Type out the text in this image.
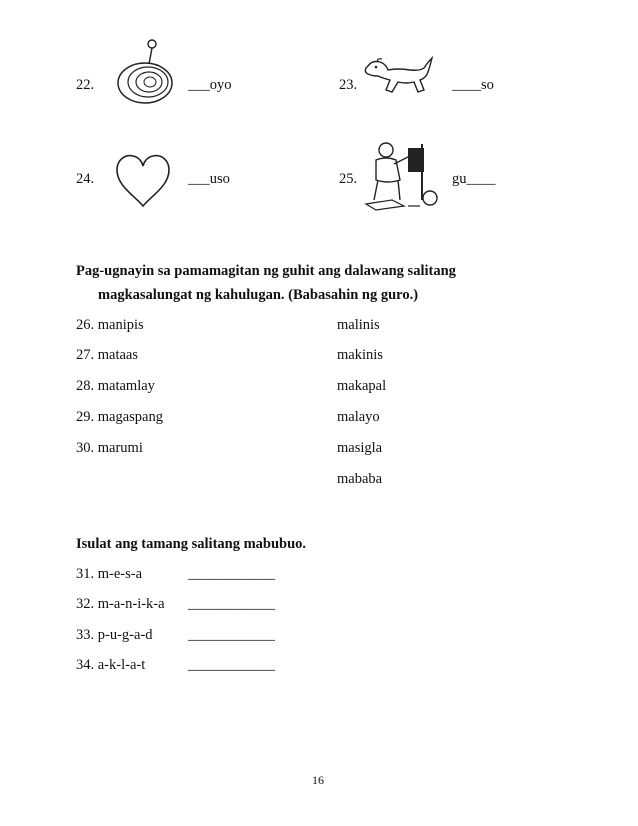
22.	___oyo	23.	____so
24.	___uso	25.	gu____
Pag-ugnayin sa pamamagitan ng guhit ang dalawang salitang
magkasalungat ng kahulugan. (Babasahin ng guro.)
26. manipis
27. mataas
28. matamlay
29. magaspang
30. marumi
malinis
makinis
makapal
malayo
masigla
mababa
Isulat ang tamang salitang mabubuo.
31. m-e-s-a	____________
32. m-a-n-i-k-a ____________
33. p-u-g-a-d ____________
34. a-k-l-a-t	____________
16
